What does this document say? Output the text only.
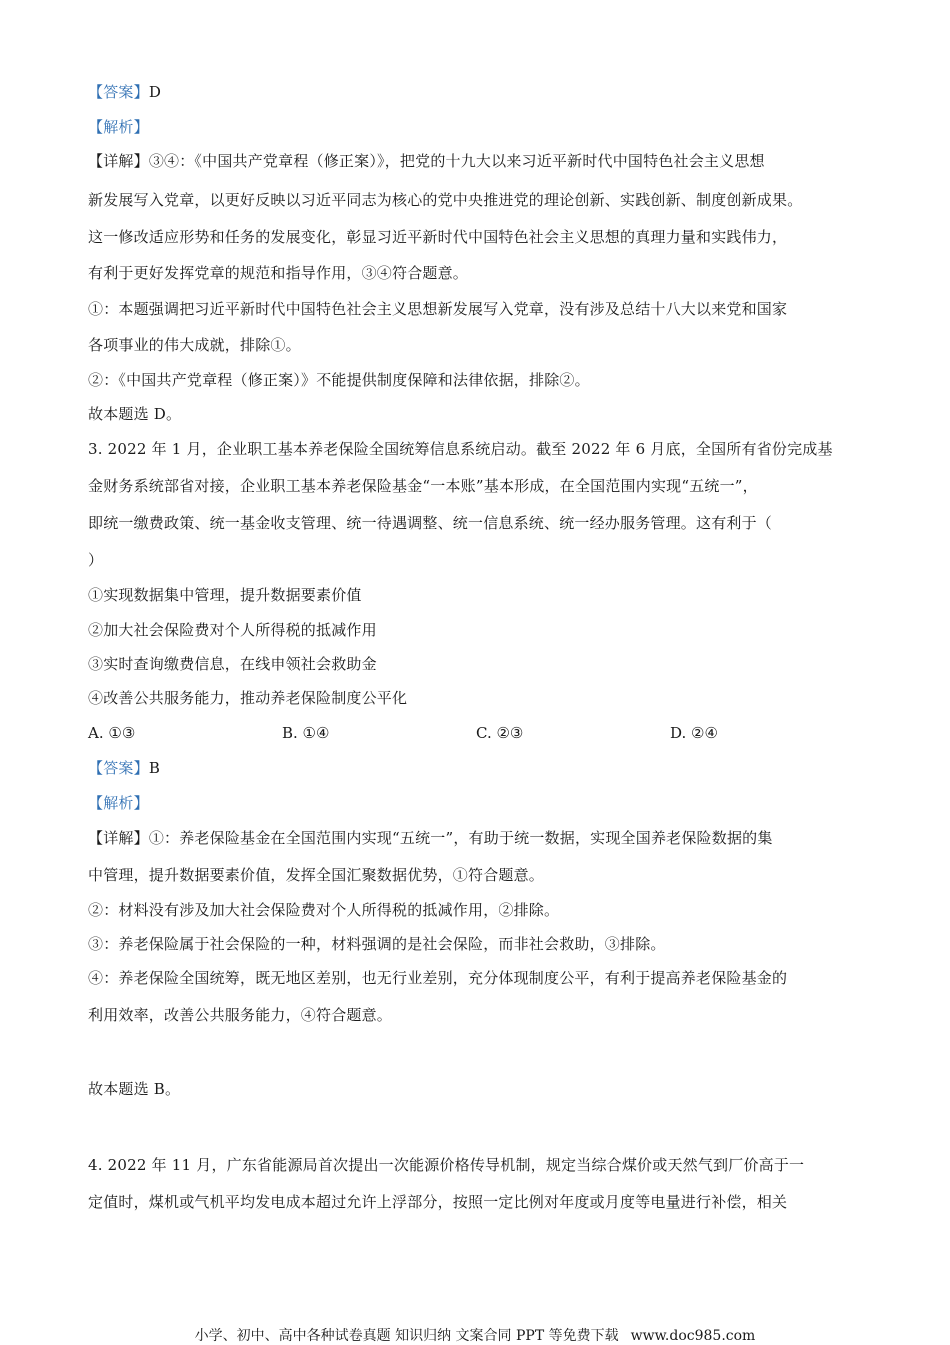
【答案】D
【解析】
【详解】③④：《中国共产党章程（修正案）》，把党的十九大以来习近平新时代中国特色社会主义思想
新发展写入党章，以更好反映以习近平同志为核心的党中央推进党的理论创新、实践创新、制度创新成果。
这一修改适应形势和任务的发展变化，彰显习近平新时代中国特色社会主义思想的真理力量和实践伟力，
有利于更好发挥党章的规范和指导作用，③④符合题意。
①：本题强调把习近平新时代中国特色社会主义思想新发展写入党章，没有涉及总结十八大以来党和国家
各项事业的伟大成就，排除①。
②：《中国共产党章程（修正案）》不能提供制度保障和法律依据，排除②。
故本题选 D。
3. 2022 年 1 月，企业职工基本养老保险全国统筹信息系统启动。截至 2022 年 6 月底，全国所有省份完成基
金财务系统部省对接，企业职工基本养老保险基金“一本账”基本形成，在全国范围内实现“五统一”，
即统一缴费政策、统一基金收支管理、统一待遇调整、统一信息系统、统一经办服务管理。这有利于（
）
①实现数据集中管理，提升数据要素价值
②加大社会保险费对个人所得税的抵减作用
③实时查询缴费信息，在线申领社会救助金
④改善公共服务能力，推动养老保险制度公平化
A. ①③	B. ①④	C. ②③	D. ②④
【答案】B
【解析】
【详解】①：养老保险基金在全国范围内实现“五统一”，有助于统一数据，实现全国养老保险数据的集
中管理，提升数据要素价值，发挥全国汇聚数据优势，①符合题意。
②：材料没有涉及加大社会保险费对个人所得税的抵减作用，②排除。
③：养老保险属于社会保险的一种，材料强调的是社会保险，而非社会救助，③排除。
④：养老保险全国统筹，既无地区差别，也无行业差别，充分体现制度公平，有利于提高养老保险基金的
利用效率，改善公共服务能力，④符合题意。
故本题选 B。
4. 2022 年 11 月，广东省能源局首次提出一次能源价格传导机制，规定当综合煤价或天然气到厂价高于一
定值时，煤机或气机平均发电成本超过允许上浮部分，按照一定比例对年度或月度等电量进行补偿，相关
小学、初中、高中各种试卷真题 知识归纳 文案合同 PPT 等免费下载 www.doc985.com
